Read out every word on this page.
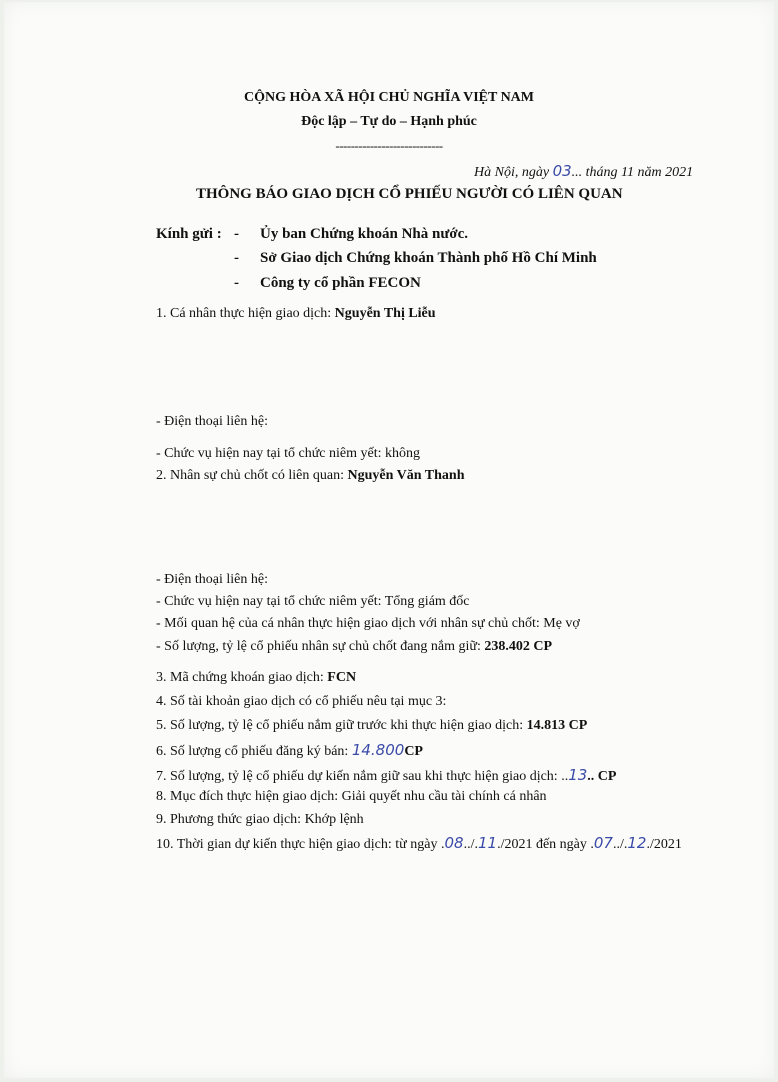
CỘNG HÒA XÃ HỘI CHỦ NGHĨA VIỆT NAM
Độc lập – Tự do – Hạnh phúc
----------------------------
Hà Nội, ngày 03... tháng 11 năm 2021
THÔNG BÁO GIAO DỊCH CỔ PHIẾU NGƯỜI CÓ LIÊN QUAN
Kính gửi : - Ủy ban Chứng khoán Nhà nước.
- Sở Giao dịch Chứng khoán Thành phố Hồ Chí Minh
- Công ty cổ phần FECON
1. Cá nhân thực hiện giao dịch: Nguyễn Thị Liễu
- Điện thoại liên hệ:
- Chức vụ hiện nay tại tổ chức niêm yết: không
2. Nhân sự chủ chốt có liên quan: Nguyễn Văn Thanh
- Điện thoại liên hệ:
- Chức vụ hiện nay tại tổ chức niêm yết: Tổng giám đốc
- Mối quan hệ của cá nhân thực hiện giao dịch với nhân sự chủ chốt: Mẹ vợ
- Số lượng, tỷ lệ cổ phiếu nhân sự chủ chốt đang nắm giữ: 238.402 CP
3. Mã chứng khoán giao dịch: FCN
4. Số tài khoản giao dịch có cổ phiếu nêu tại mục 3:
5. Số lượng, tỷ lệ cổ phiếu nắm giữ trước khi thực hiện giao dịch: 14.813 CP
6. Số lượng cổ phiếu đăng ký bán: 14.800CP
7. Số lượng, tỷ lệ cổ phiếu dự kiến nắm giữ sau khi thực hiện giao dịch: ..13.. CP
8. Mục đích thực hiện giao dịch: Giải quyết nhu cầu tài chính cá nhân
9. Phương thức giao dịch: Khớp lệnh
10. Thời gian dự kiến thực hiện giao dịch: từ ngày .08../.11./2021 đến ngày .07../.12./2021
